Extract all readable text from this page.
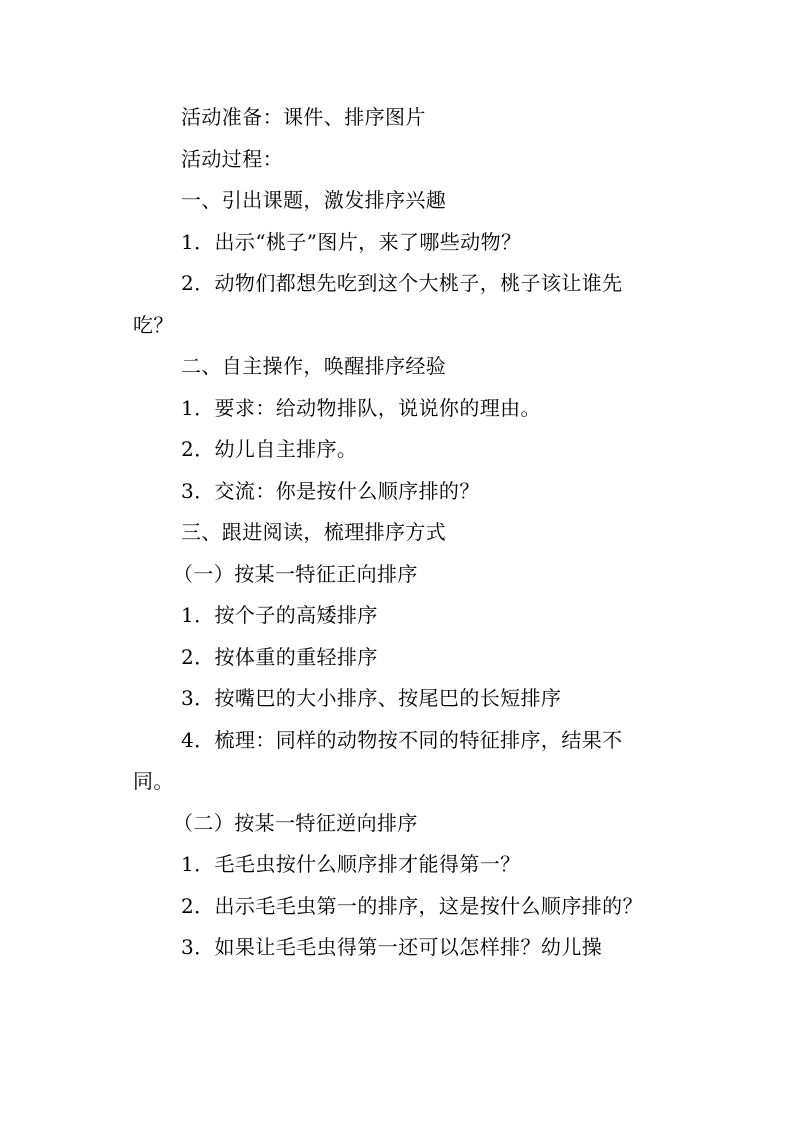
活动准备：课件、排序图片

活动过程：

一、引出课题，激发排序兴趣

1．出示“桃子”图片，来了哪些动物？

2．动物们都想先吃到这个大桃子，桃子该让谁先吃？

二、自主操作，唤醒排序经验

1．要求：给动物排队，说说你的理由。

2．幼儿自主排序。

3．交流：你是按什么顺序排的？

三、跟进阅读，梳理排序方式

（一）按某一特征正向排序

1．按个子的高矮排序

2．按体重的重轻排序

3．按嘴巴的大小排序、按尾巴的长短排序

4．梳理：同样的动物按不同的特征排序，结果不同。

（二）按某一特征逆向排序

1．毛毛虫按什么顺序排才能得第一？

2．出示毛毛虫第一的排序，这是按什么顺序排的？

3．如果让毛毛虫得第一还可以怎样排？幼儿操
